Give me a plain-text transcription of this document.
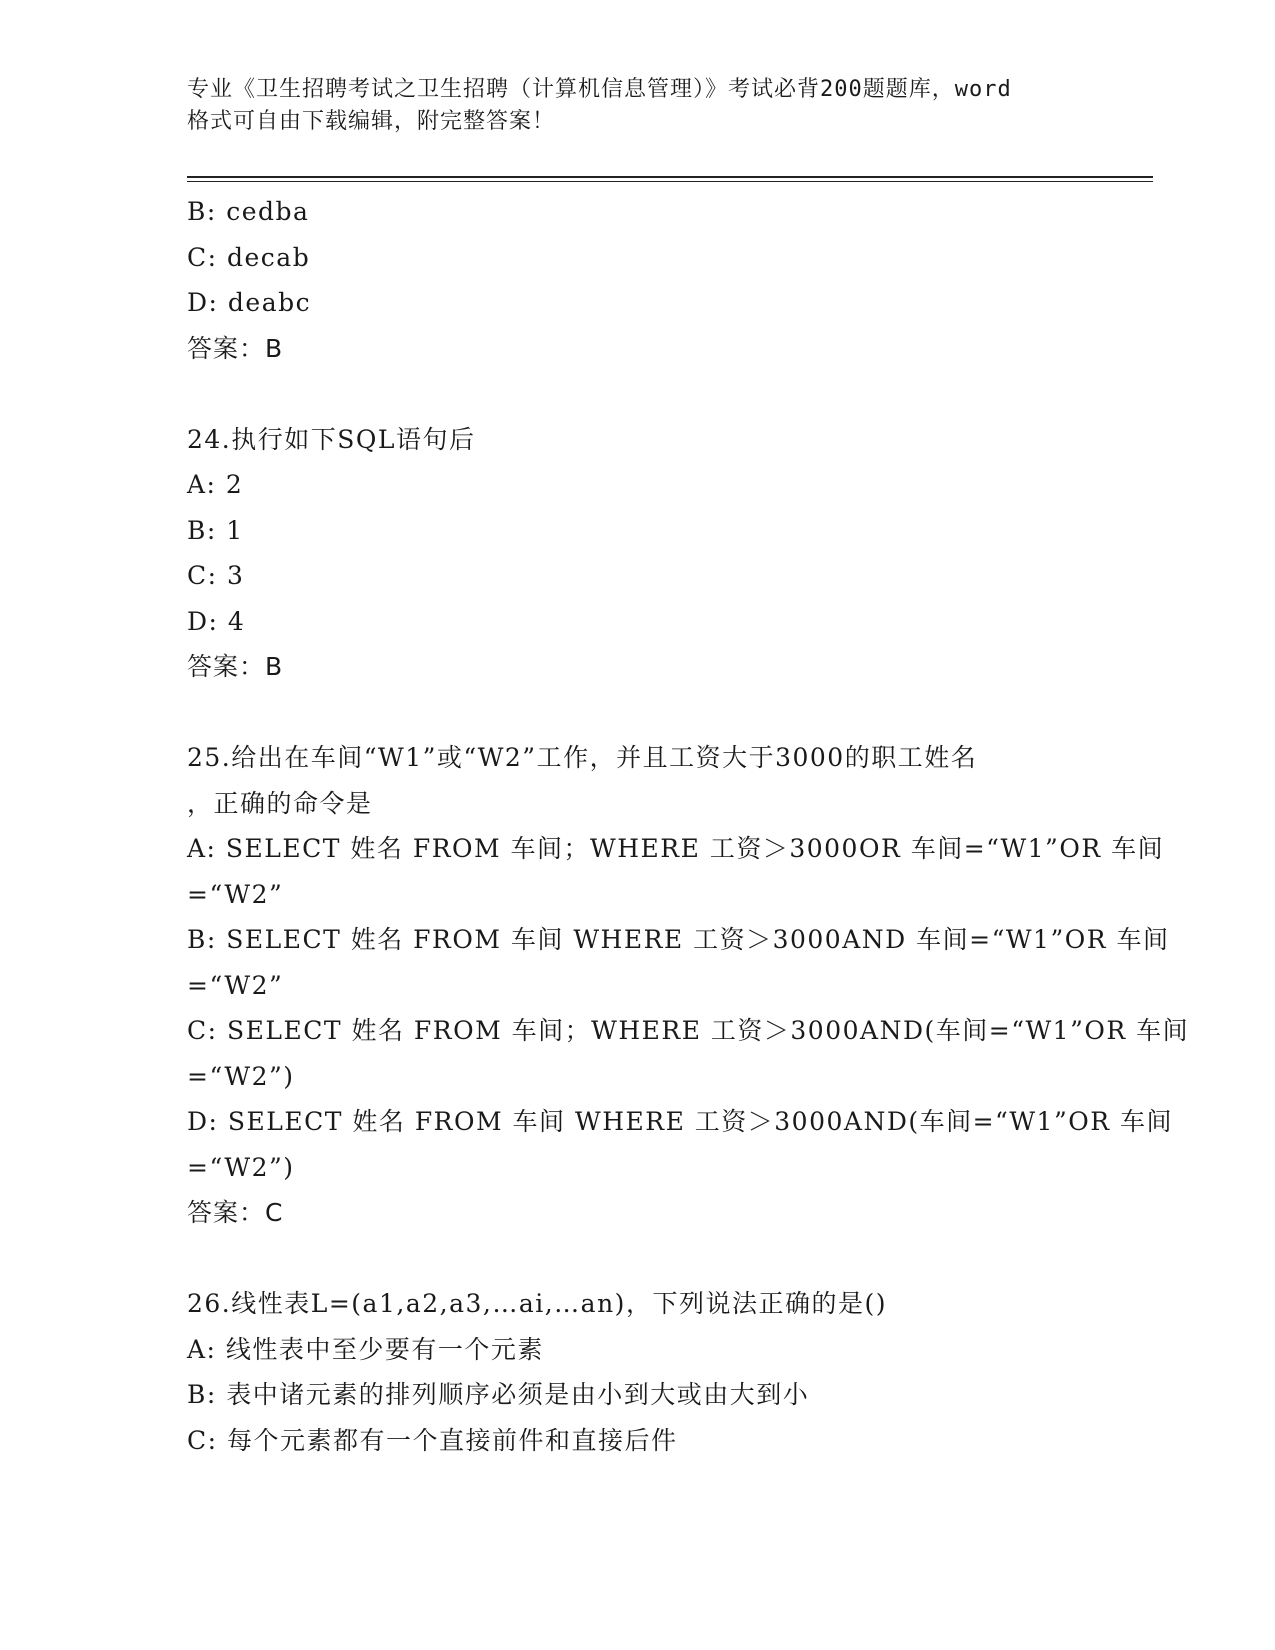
专业《卫生招聘考试之卫生招聘（计算机信息管理）》考试必背200题题库，word
格式可自由下载编辑，附完整答案！
B: cedba
C: decab
D: deabc
答案：B
24.执行如下SQL语句后
A: 2
B: 1
C: 3
D: 4
答案：B
25.给出在车间“W1”或“W2”工作，并且工资大于3000的职工姓名
，正确的命令是
A: SELECT 姓名 FROM 车间；WHERE 工资＞3000OR 车间=“W1”OR 车间
=“W2”
B: SELECT 姓名 FROM 车间 WHERE 工资＞3000AND 车间=“W1”OR 车间
=“W2”
C: SELECT 姓名 FROM 车间；WHERE 工资＞3000AND(车间=“W1”OR 车间
=“W2”)
D: SELECT 姓名 FROM 车间 WHERE 工资＞3000AND(车间=“W1”OR 车间
=“W2”)
答案：C
26.线性表L=(a1,a2,a3,…ai,…an)，下列说法正确的是()
A: 线性表中至少要有一个元素
B: 表中诸元素的排列顺序必须是由小到大或由大到小
C: 每个元素都有一个直接前件和直接后件
